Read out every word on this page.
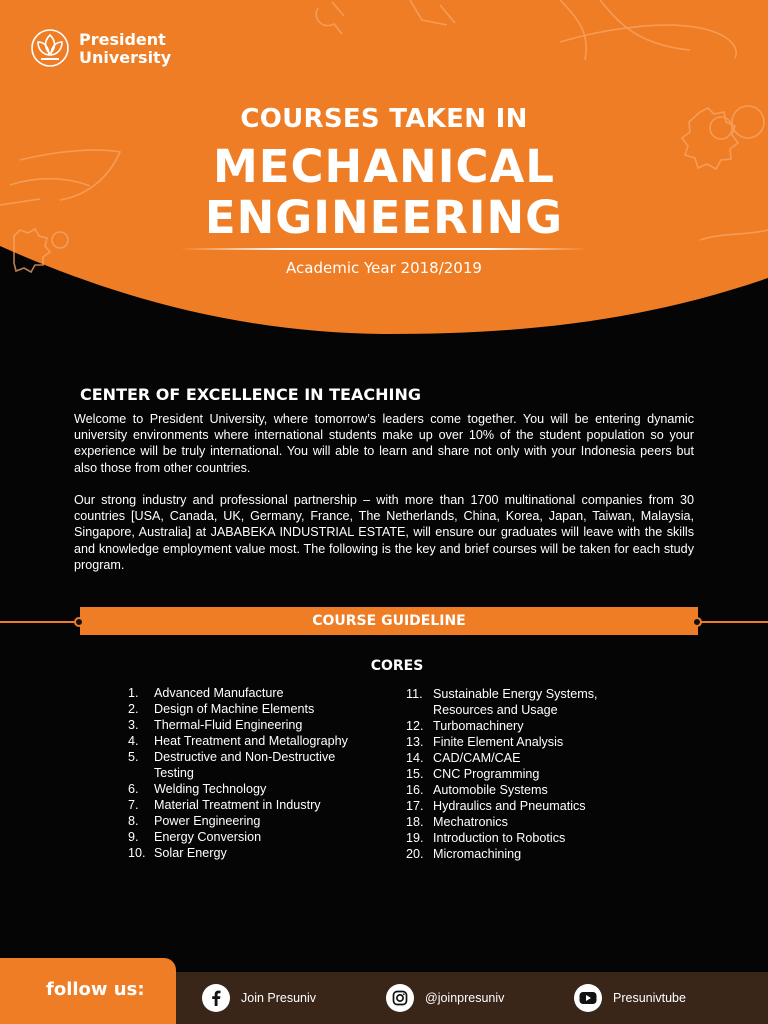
President
University
COURSES TAKEN IN
MECHANICAL
ENGINEERING
Academic Year 2018/2019
CENTER OF EXCELLENCE IN TEACHING

Welcome to President University, where tomorrow’s leaders come together. You will be entering dynamic university environments where international students make up over 10% of the student population so your experience will be truly international. You will able to learn and share not only with your Indonesia peers but also those from other countries.

Our strong industry and professional partnership – with more than 1700 multinational companies from 30 countries [USA, Canada, UK, Germany, France, The Netherlands, China, Korea, Japan, Taiwan, Malaysia, Singapore, Australia] at JABABEKA INDUSTRIAL ESTATE, will ensure our graduates will leave with the skills and knowledge employment value most. The following is the key and brief courses will be taken for each study program.

COURSE GUIDELINE
CORES
1.	Advanced Manufacture
2.	Design of Machine Elements
3.	Thermal-Fluid Engineering
4.	Heat Treatment and Metallography
5.	Destructive and Non-Destructive Testing
6.	Welding Technology
7.	Material Treatment in Industry
8.	Power Engineering
9.	Energy Conversion
10. Solar Energy
11. Sustainable Energy Systems, Resources and Usage
12. Turbomachinery
13. Finite Element Analysis
14. CAD/CAM/CAE
15. CNC Programming
16. Automobile Systems
17. Hydraulics and Pneumatics
18. Mechatronics
19. Introduction to Robotics
20. Micromachining
follow us:	Join Presuniv	@joinpresuniv	Presunivtube
